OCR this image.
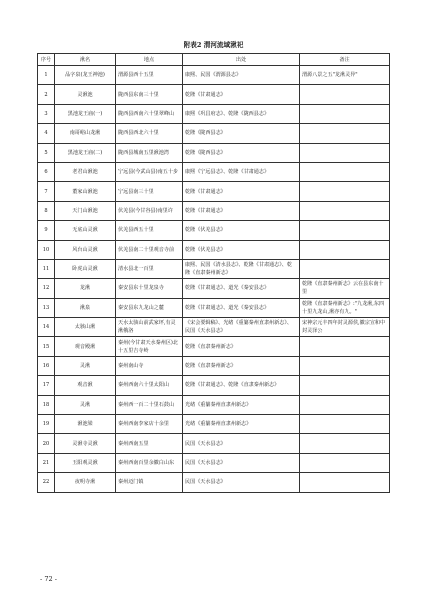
附表2 渭河流域湫祀
序号	湫名	地点	出处	备注
1	品字泉(龙王神池)	渭源县西十五里	康熙、民国《渭源县志》	渭源八景之五"龙湫灵异"
2	灵湫池	陇西县东南三十里	乾隆《甘肃通志》	
3	黑池龙王庙(一)	陇西县西南六十里翠峰山	康熙《巩昌府志》、乾隆《陇西县志》	
4	南哥峪山龙湫	陇西县西北六十里	乾隆《陇西县志》	
5	黑池龙王庙(二)	陇西县城南五里湫池湾	乾隆《陇西县志》	
6	老君山湫池	宁远县(今武山县)南五十步	康熙《宁远县志》、乾隆《甘肃通志》	
7	董家山湫池	宁远县南三十里	乾隆《甘肃通志》	
8	天门山湫池	伏羌县(今甘谷县)南里许	乾隆《甘肃通志》	
9	无底山灵湫	伏羌县西五十里	乾隆《伏羌县志》	
10	风台山灵湫	伏羌县南二十里观音寺前	乾隆《伏羌县志》	
11	卧虎山灵湫	清水县北一百里	康熙、民国《清水县志》、乾隆《甘肃通志》、乾隆《直隶秦州新志》	
12	龙湫	秦安县东十里龙泉寺	乾隆《甘肃通志》、道光《秦安县志》	乾隆《直隶秦州新志》云在县东南十里
13	湫泉	秦安县东九龙山之麓	乾隆《甘肃通志》、道光《秦安县志》	乾隆《直隶秦州新志》:"九龙湫,东四十里九龙山,湫亦有九。"
14	太骇山湫	天水太骇山前武家坪,有灵湫俄洛	《宋会要辑稿》、光绪《重纂秦州直隶州新志》、民国《天水县志》	宋神宗元丰四年封灵源侯,徽宗宣和中封灵泽公
15	观音殿湫	秦州(今甘肃天水秦州区)北十五里吉寺岭	乾隆《直隶秦州新志》	
16	灵湫	秦州南山寺	乾隆《直隶秦州新志》	
17	观音湫	秦州西南六十里太阳山	乾隆《甘肃通志》、乾隆《直隶秦州新志》	
18	灵湫	秦州西一百二十里石鼓山	光绪《重纂秦州直隶州新志》	
19	湫池梁	秦州西南李家店十余里	光绪《重纂秦州直隶州新志》	
20	灵湫寺灵湫	秦州西南五里	民国《天水县志》	
21	玉阳观灵湫	秦州西南百里余徽白山东	民国《天水县志》	
22	夜明寺湫	秦州迈门镇	民国《天水县志》	
- 72 -
